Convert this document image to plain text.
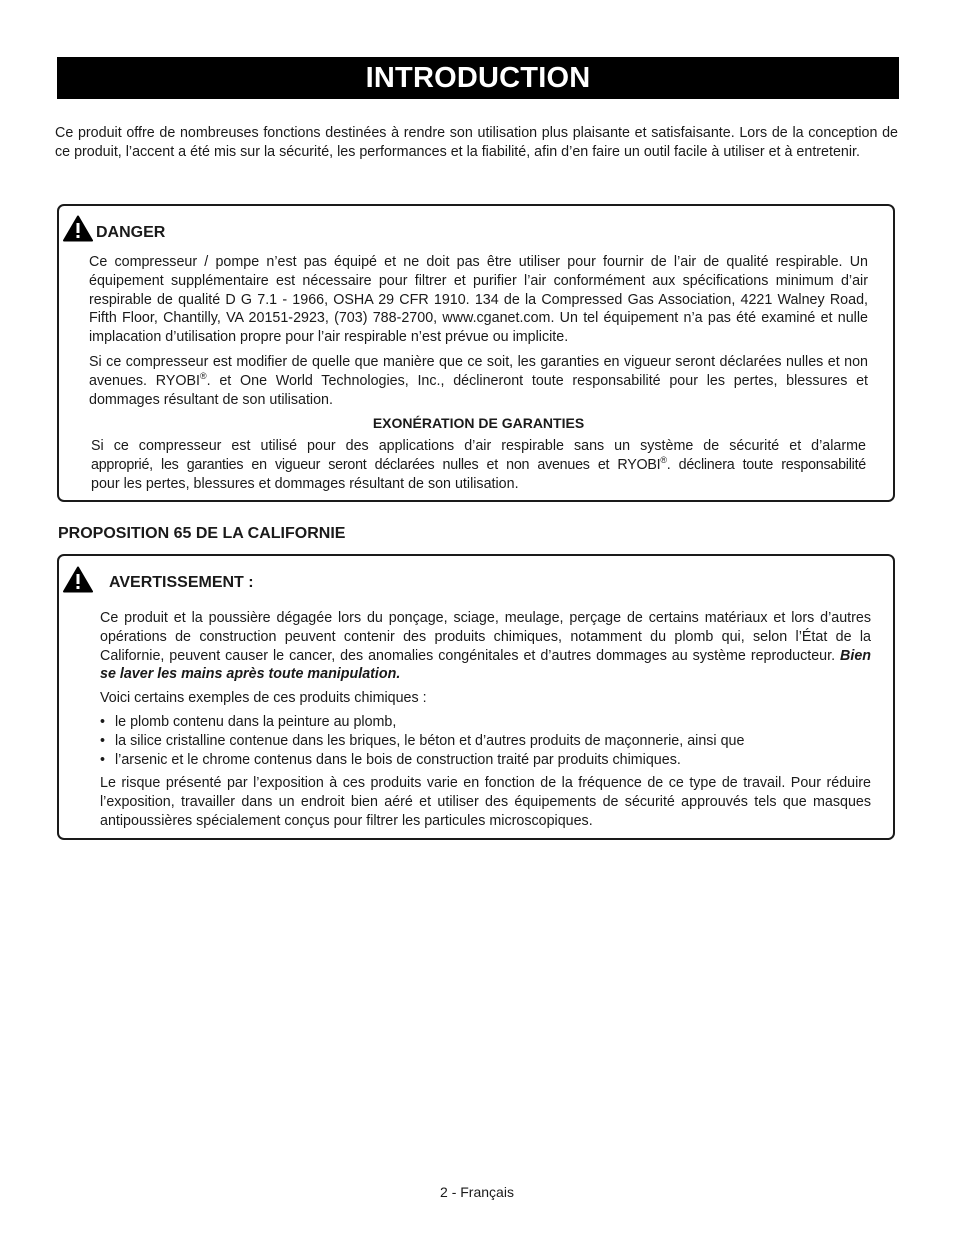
INTRODUCTION

Ce produit offre de nombreuses fonctions destinées à rendre son utilisation plus plaisante et satisfaisante. Lors de la conception de ce produit, l’accent a été mis sur la sécurité, les performances et la fiabilité, afin d’en faire un outil facile à utiliser et à entretenir.

DANGER

Ce compresseur / pompe n’est pas équipé et ne doit pas être utiliser pour fournir de l’air de qualité respirable. Un équipement supplémentaire est nécessaire pour filtrer et purifier l’air conformément aux spécifications minimum d’air respirable de qualité D G 7.1 - 1966, OSHA 29 CFR 1910. 134 de la Compressed Gas Association, 4221 Walney Road, Fifth Floor, Chantilly, VA 20151-2923, (703) 788-2700, www.cganet.com. Un tel équipement n’a pas été examiné et nulle implacation d’utilisation propre pour l’air respirable n’est prévue ou implicite.

Si ce compresseur est modifier de quelle que manière que ce soit, les garanties en vigueur seront déclarées nulles et non avenues. RYOBI®. et One World Technologies, Inc., déclineront toute responsabilité pour les pertes, blessures et dommages résultant de son utilisation.

EXONÉRATION DE GARANTIES

Si ce compresseur est utilisé pour des applications d’air respirable sans un système de sécurité et d’alarme
approprié, les garanties en vigueur seront déclarées nulles et non avenues et RYOBI®. déclinera toute responsabilité
pour les pertes, blessures et dommages résultant de son utilisation.
PROPOSITION 65 DE LA CALIFORNIE
AVERTISSEMENT :

Ce produit et la poussière dégagée lors du ponçage, sciage, meulage, perçage de certains matériaux et lors d’autres opérations de construction peuvent contenir des produits chimiques, notamment du plomb qui, selon l’État de la Californie, peuvent causer le cancer, des anomalies congénitales et d’autres dommages au système reproducteur. Bien se laver les mains après toute manipulation.

Voici certains exemples de ces produits chimiques :

• le plomb contenu dans la peinture au plomb,
• la silice cristalline contenue dans les briques, le béton et d’autres produits de maçonnerie, ainsi que
• l’arsenic et le chrome contenus dans le bois de construction traité par produits chimiques.

Le risque présenté par l’exposition à ces produits varie en fonction de la fréquence de ce type de travail. Pour réduire l’exposition, travailler dans un endroit bien aéré et utiliser des équipements de sécurité approuvés tels que masques antipoussières spécialement conçus pour filtrer les particules microscopiques.

2 - Français
